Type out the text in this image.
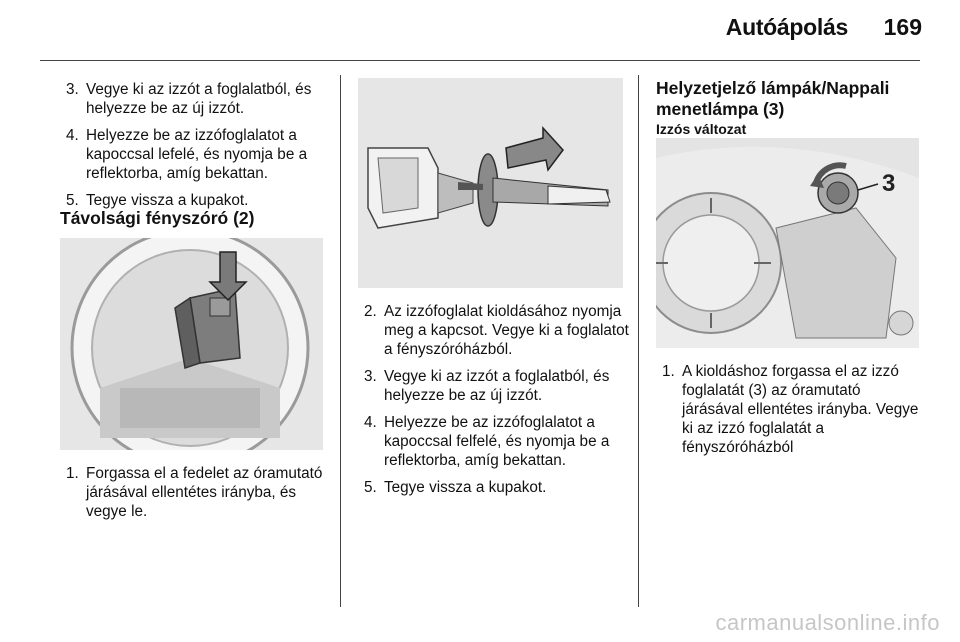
Autóápolás	169
3. Vegye ki az izzót a foglalatból, és helyezze be az új izzót.
4. Helyezze be az izzófoglalatot a kapoccsal lefelé, és nyomja be a reflektorba, amíg bekattan.
5. Tegye vissza a kupakot.
Távolsági fényszóró (2)
1. Forgassa el a fedelet az óramutató járásával ellentétes irányba, és vegye le.
2. Az izzófoglalat kioldásához nyomja meg a kapcsot. Vegye ki a foglalatot a fényszóróházból.
3. Vegye ki az izzót a foglalatból, és helyezze be az új izzót.
4. Helyezze be az izzófoglalatot a kapoccsal felfelé, és nyomja be a reflektorba, amíg bekattan.
5. Tegye vissza a kupakot.
Helyzetjelző lámpák/Nappali menetlámpa (3)
Izzós változat
3
1. A kioldáshoz forgassa el az izzó foglalatát (3) az óramutató járásával ellentétes irányba. Vegye ki az izzó foglalatát a fényszóróházból
carmanualsonline.info
